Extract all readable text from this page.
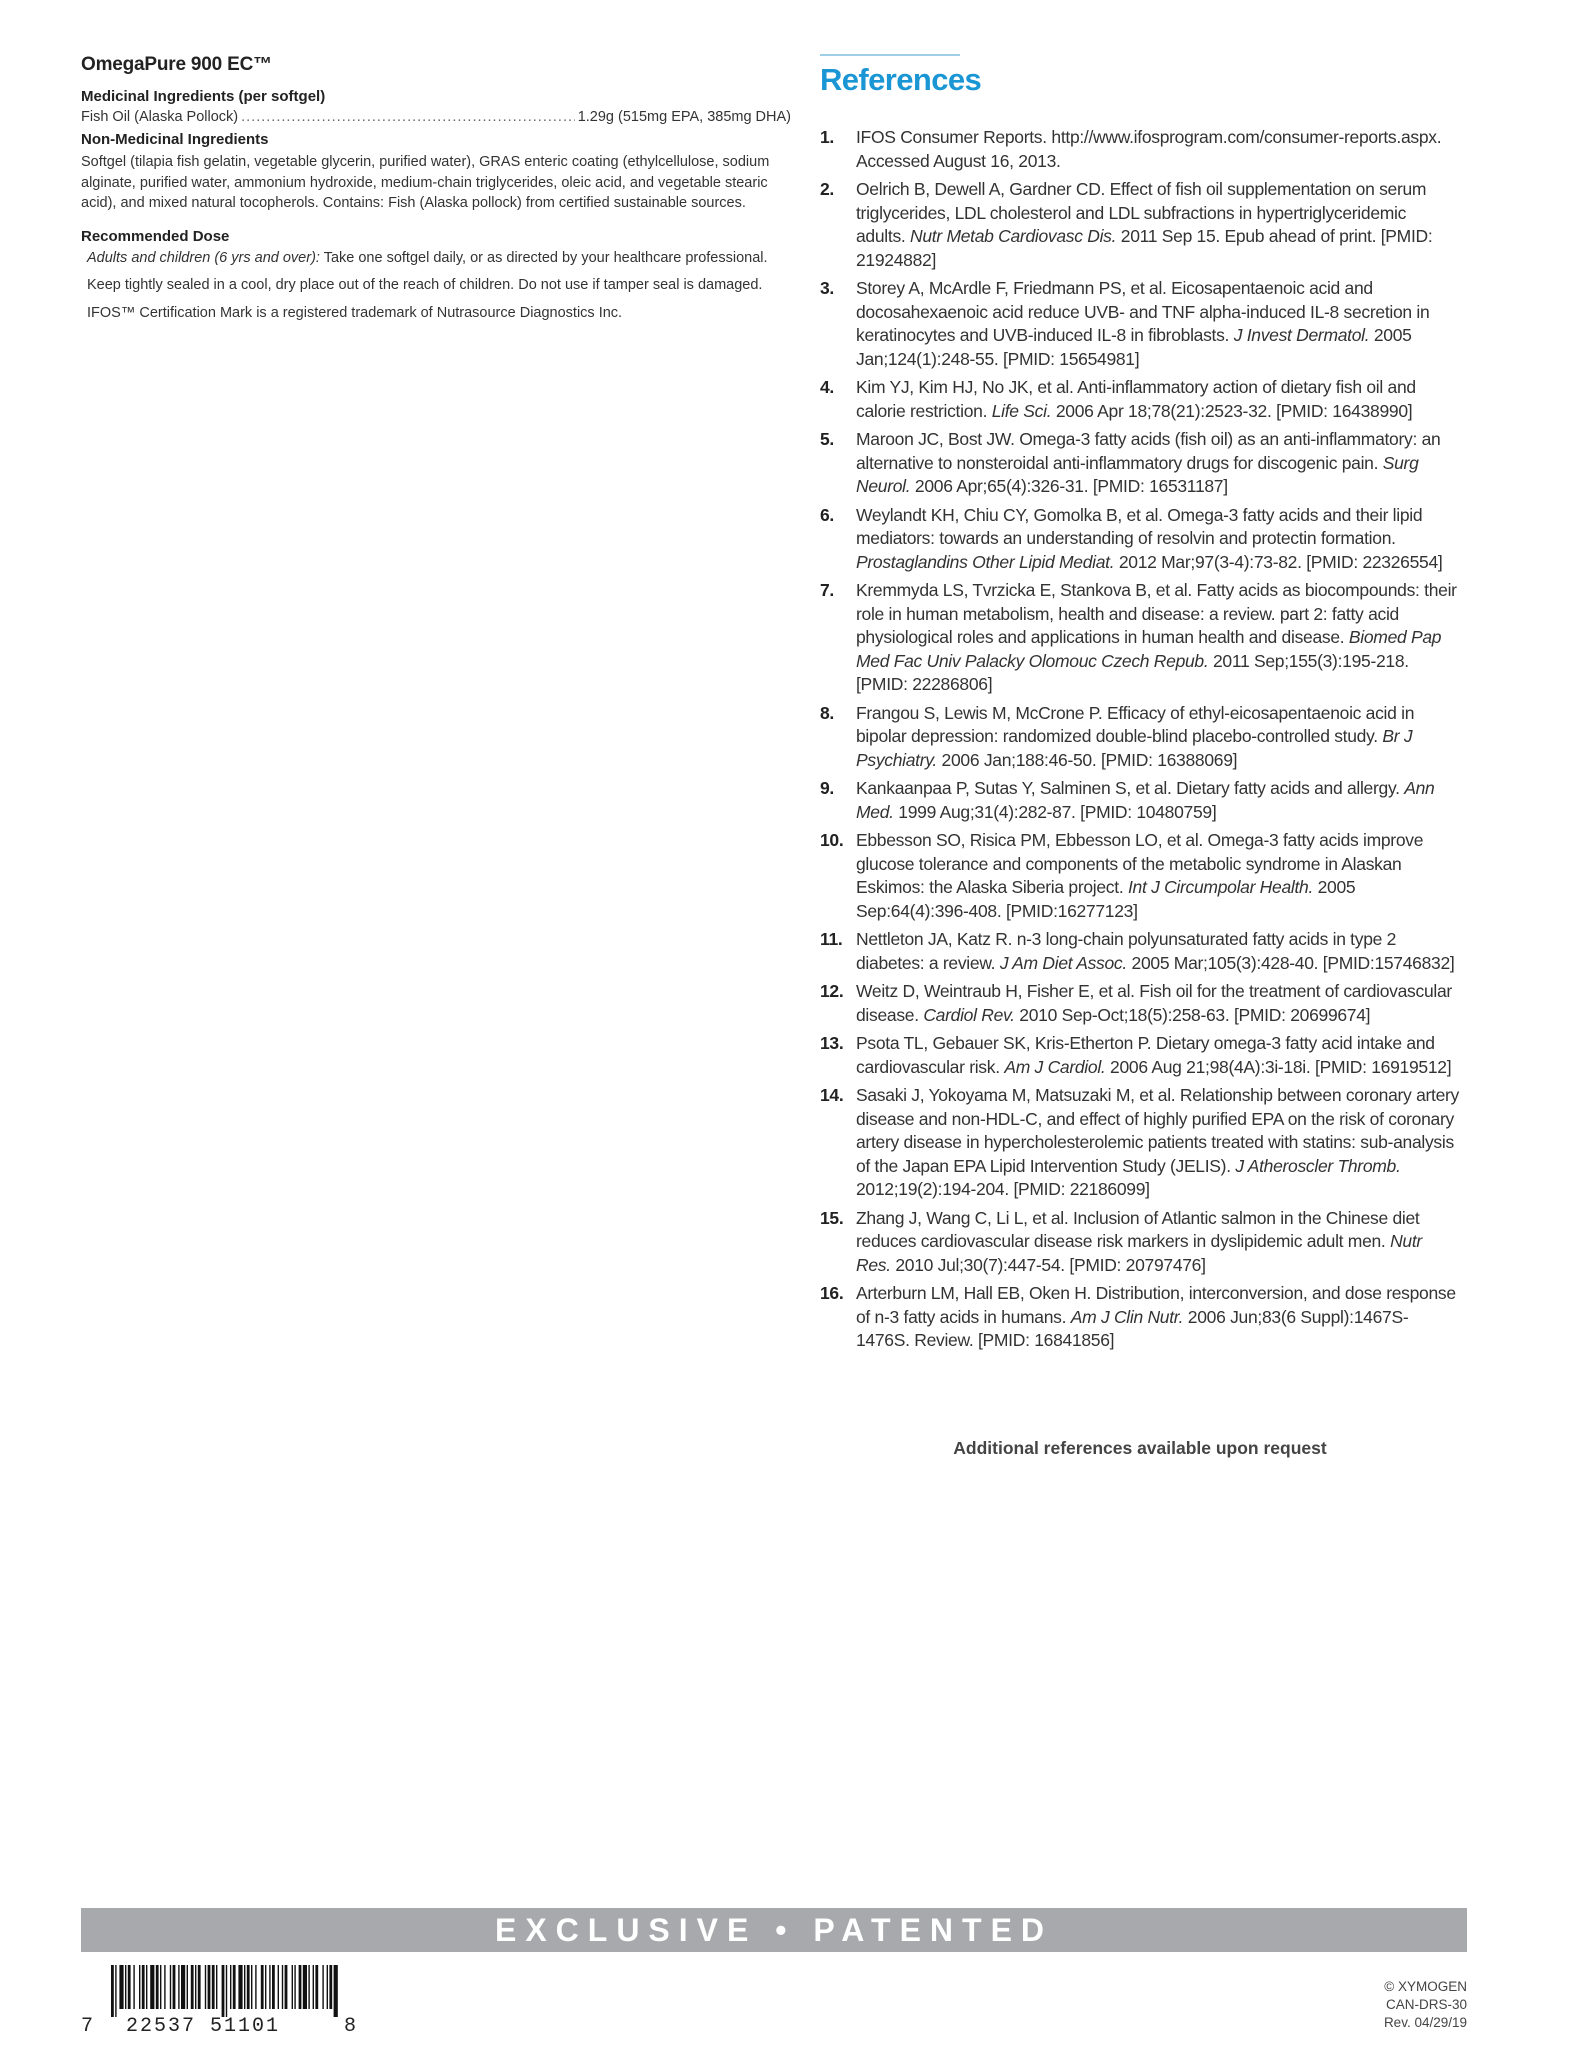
OmegaPure 900 EC™
Medicinal Ingredients (per softgel)
Fish Oil (Alaska Pollock)
.....	1.29g (515mg EPA, 385mg DHA)
Non-Medicinal Ingredients

Softgel (tilapia fish gelatin, vegetable glycerin, purified water), GRAS enteric coating (ethylcellulose, sodium alginate, purified water, ammonium hydroxide, medium-chain triglycerides, oleic acid, and vegetable stearic acid), and mixed natural tocopherols. Contains: Fish (Alaska pollock) from certified sustainable sources.

Recommended Dose

Adults and children (6 yrs and over): Take one softgel daily, or as directed by your healthcare professional.

Keep tightly sealed in a cool, dry place out of the reach of children. Do not use if tamper seal is damaged.

IFOS™ Certification Mark is a registered trademark of Nutrasource Diagnostics Inc.

References
1.	IFOS Consumer Reports. http://www.ifosprogram.com/consumer-reports.aspx. Accessed August 16, 2013.
2.	Oelrich B, Dewell A, Gardner CD. Effect of fish oil supplementation on serum triglycerides, LDL cholesterol and LDL subfractions in hypertriglyceridemic adults. Nutr Metab Cardiovasc Dis. 2011 Sep 15. Epub ahead of print. [PMID: 21924882]
3.	Storey A, McArdle F, Friedmann PS, et al. Eicosapentaenoic acid and docosahexaenoic acid reduce UVB- and TNF alpha-induced IL-8 secretion in keratinocytes and UVB-induced IL-8 in fibroblasts. J Invest Dermatol. 2005 Jan;124(1):248-55. [PMID: 15654981]
4.	Kim YJ, Kim HJ, No JK, et al. Anti-inflammatory action of dietary fish oil and calorie restriction. Life Sci. 2006 Apr 18;78(21):2523-32. [PMID: 16438990]
5.	Maroon JC, Bost JW. Omega-3 fatty acids (fish oil) as an anti-inflammatory: an alternative to nonsteroidal anti-inflammatory drugs for discogenic pain. Surg Neurol. 2006 Apr;65(4):326-31. [PMID: 16531187]
6.	Weylandt KH, Chiu CY, Gomolka B, et al. Omega-3 fatty acids and their lipid mediators: towards an understanding of resolvin and protectin formation. Prostaglandins Other Lipid Mediat. 2012 Mar;97(3-4):73-82. [PMID: 22326554]
7.	Kremmyda LS, Tvrzicka E, Stankova B, et al. Fatty acids as biocompounds: their role in human metabolism, health and disease: a review. part 2: fatty acid physiological roles and applications in human health and disease. Biomed Pap Med Fac Univ Palacky Olomouc Czech Repub. 2011 Sep;155(3):195-218. [PMID: 22286806]
8.	Frangou S, Lewis M, McCrone P. Efficacy of ethyl-eicosapentaenoic acid in bipolar depression: randomized double-blind placebo-controlled study. Br J Psychiatry. 2006 Jan;188:46-50. [PMID: 16388069]
9.	Kankaanpaa P, Sutas Y, Salminen S, et al. Dietary fatty acids and allergy. Ann Med. 1999 Aug;31(4):282-87. [PMID: 10480759]
10. Ebbesson SO, Risica PM, Ebbesson LO, et al. Omega-3 fatty acids improve glucose tolerance and components of the metabolic syndrome in Alaskan Eskimos: the Alaska Siberia project. Int J Circumpolar Health. 2005 Sep:64(4):396-408. [PMID:16277123]
11. Nettleton JA, Katz R. n-3 long-chain polyunsaturated fatty acids in type 2 diabetes: a review. J Am Diet Assoc. 2005 Mar;105(3):428-40. [PMID:15746832]
12. Weitz D, Weintraub H, Fisher E, et al. Fish oil for the treatment of cardiovascular disease. Cardiol Rev. 2010 Sep-Oct;18(5):258-63. [PMID: 20699674]
13. Psota TL, Gebauer SK, Kris-Etherton P. Dietary omega-3 fatty acid intake and cardiovascular risk. Am J Cardiol. 2006 Aug 21;98(4A):3i-18i. [PMID: 16919512]
14. Sasaki J, Yokoyama M, Matsuzaki M, et al. Relationship between coronary artery disease and non-HDL-C, and effect of highly purified EPA on the risk of coronary artery disease in hypercholesterolemic patients treated with statins: sub-analysis of the Japan EPA Lipid Intervention Study (JELIS). J Atheroscler Thromb. 2012;19(2):194-204. [PMID: 22186099]
15. Zhang J, Wang C, Li L, et al. Inclusion of Atlantic salmon in the Chinese diet reduces cardiovascular disease risk markers in dyslipidemic adult men. Nutr Res. 2010 Jul;30(7):447-54. [PMID: 20797476]
16. Arterburn LM, Hall EB, Oken H. Distribution, interconversion, and dose response of n-3 fatty acids in humans. Am J Clin Nutr. 2006 Jun;83(6 Suppl):1467S-1476S. Review. [PMID: 16841856]
Additional references available upon request
EXCLUSIVE • PATENTED
7 22537 51101	8
© XYMOGEN
CAN-DRS-30
Rev. 04/29/19
